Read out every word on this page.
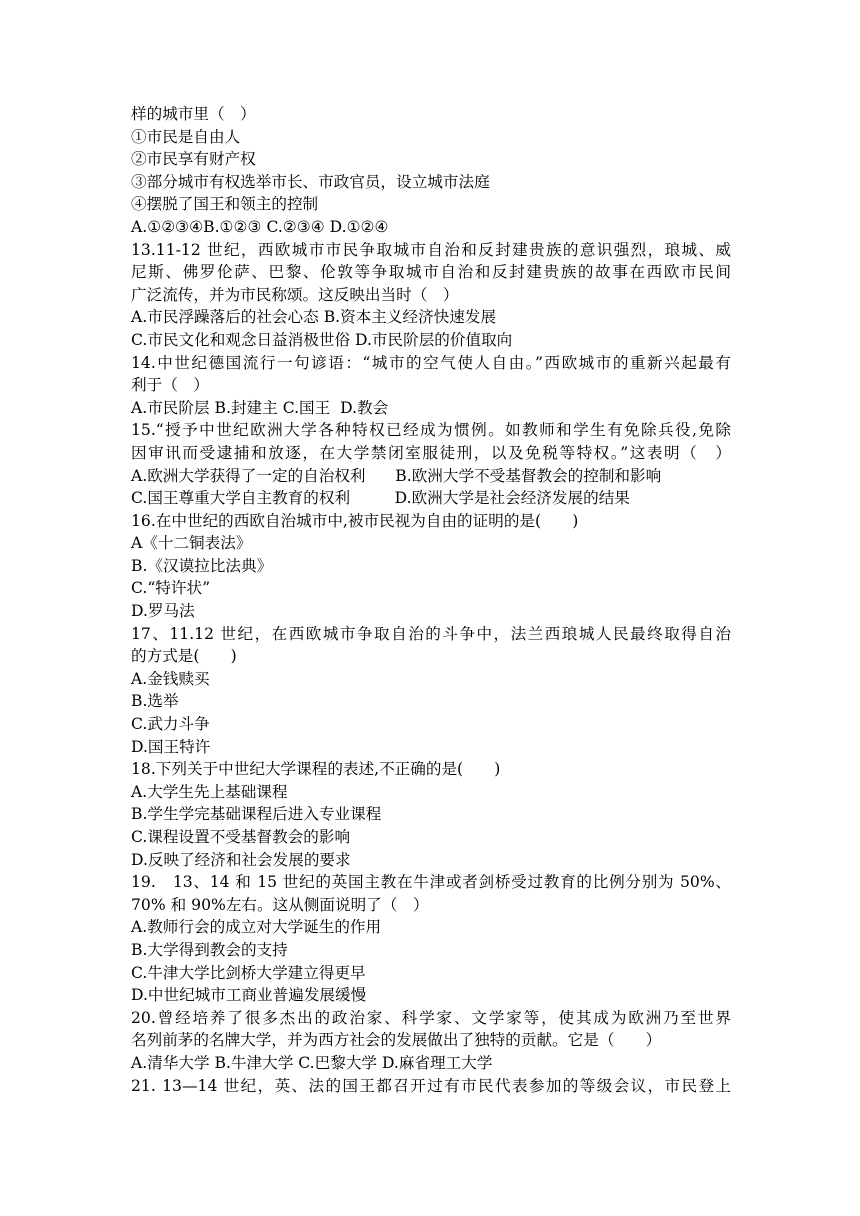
样的城市里（　）
①市民是自由人
②市民享有财产权
③部分城市有权选举市长、市政官员，设立城市法庭
④摆脱了国王和领主的控制
A.①②③④B.①②③ C.②③④ D.①②④
13.11-12 世纪，西欧城市市民争取城市自治和反封建贵族的意识强烈，琅城、威
尼斯、佛罗伦萨、巴黎、伦敦等争取城市自治和反封建贵族的故事在西欧市民间
广泛流传，并为市民称颂。这反映出当时（　）
A.市民浮躁落后的社会心态 B.资本主义经济快速发展
C.市民文化和观念日益消极世俗 D.市民阶层的价值取向
14.中世纪德国流行一句谚语：“城市的空气使人自由。”西欧城市的重新兴起最有
利于（　）
A.市民阶层 B.封建主 C.国王  D.教会
15.“授予中世纪欧洲大学各种特权已经成为惯例。如教师和学生有免除兵役,免除
因审讯而受逮捕和放逐，在大学禁闭室服徒刑，以及免税等特权。”这表明（　）
A.欧洲大学获得了一定的自治权利      B.欧洲大学不受基督教会的控制和影响
C.国王尊重大学自主教育的权利         D.欧洲大学是社会经济发展的结果
16.在中世纪的西欧自治城市中,被市民视为自由的证明的是(　　)
A《十二铜表法》
B.《汉谟拉比法典》
C.“特许状”
D.罗马法
17、11.12 世纪，在西欧城市争取自治的斗争中，法兰西琅城人民最终取得自治
的方式是(　　)
A.金钱赎买
B.选举
C.武力斗争
D.国王特许
18.下列关于中世纪大学课程的表述,不正确的是(　　)
A.大学生先上基础课程
B.学生学完基础课程后进入专业课程
C.课程设置不受基督教会的影响
D.反映了经济和社会发展的要求
19.　13、14 和 15 世纪的英国主教在牛津或者剑桥受过教育的比例分别为 50%、
70% 和 90%左右。这从侧面说明了（　）
A.教师行会的成立对大学诞生的作用
B.大学得到教会的支持
C.牛津大学比剑桥大学建立得更早
D.中世纪城市工商业普遍发展缓慢
20.曾经培养了很多杰出的政治家、科学家、文学家等，使其成为欧洲乃至世界
名列前茅的名牌大学，并为西方社会的发展做出了独特的贡献。它是（　　）
A.清华大学 B.牛津大学 C.巴黎大学 D.麻省理工大学
21. 13—14 世纪，英、法的国王都召开过有市民代表参加的等级会议，市民登上
